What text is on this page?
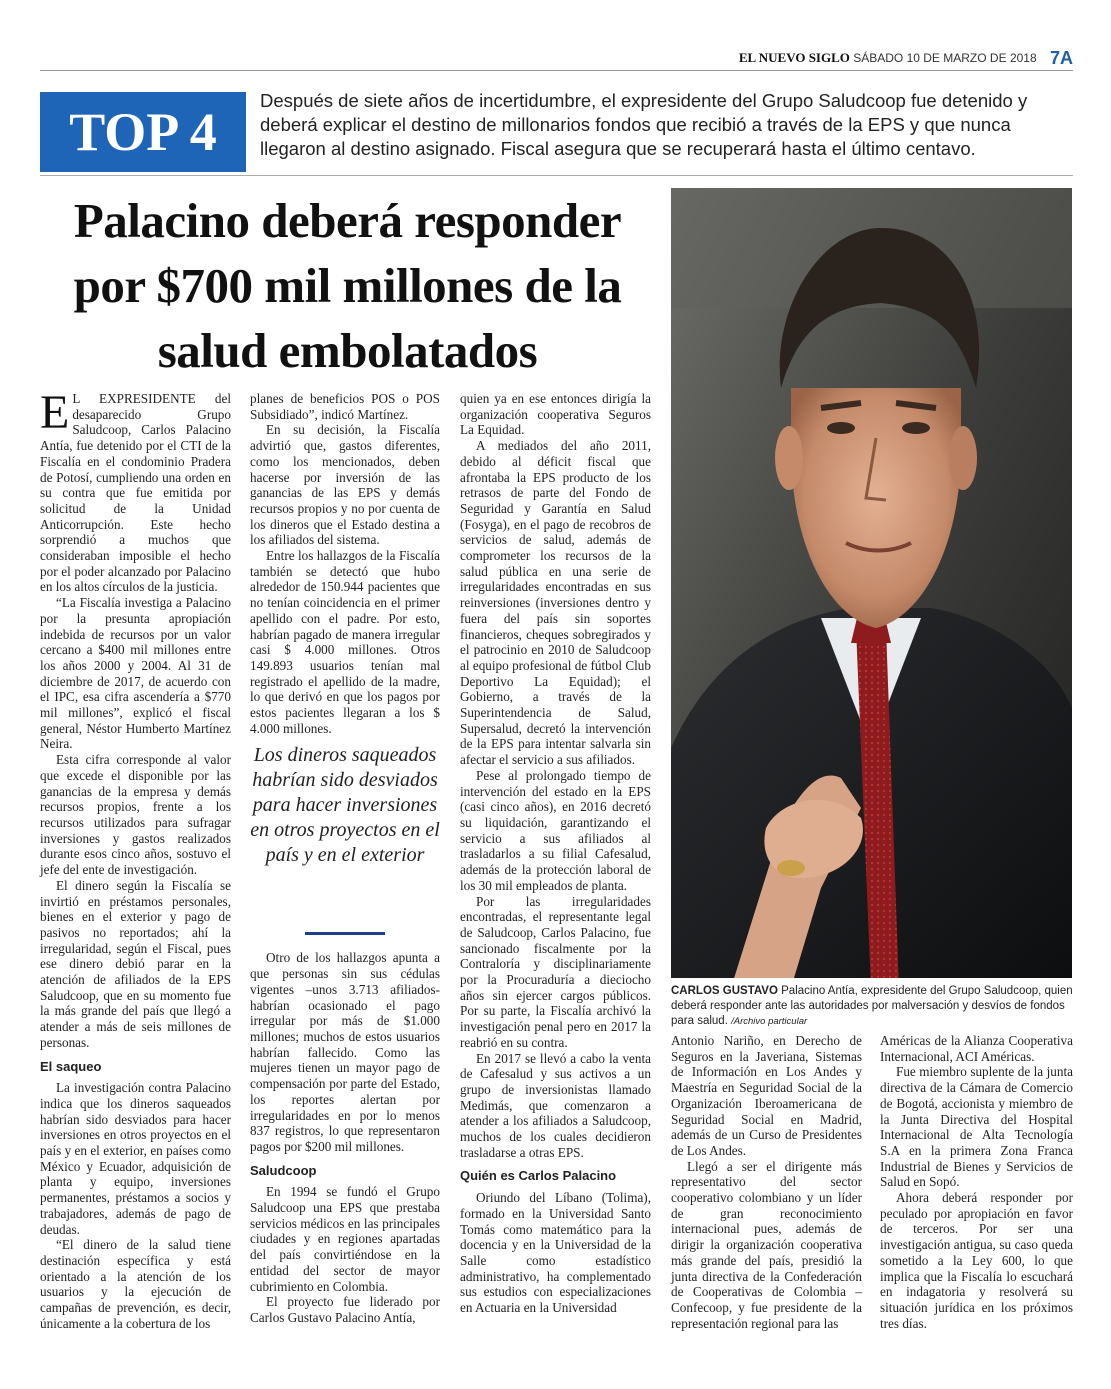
EL NUEVO SIGLO SÁBADO 10 DE MARZO DE 2018 7A
TOP 4
Después de siete años de incertidumbre, el expresidente del Grupo Saludcoop fue detenido y deberá explicar el destino de millonarios fondos que recibió a través de la EPS y que nunca llegaron al destino asignado. Fiscal asegura que se recuperará hasta el último centavo.
Palacino deberá responder por $700 mil millones de la salud embolatados
CARLOS GUSTAVO Palacino Antía, expresidente del Grupo Saludcoop, quien deberá responder ante las autoridades por malversación y desvíos de fondos para salud. /Archivo particular

E L EXPRESIDENTE del desaparecido Grupo Saludcoop, Carlos Palacino Antía, fue detenido por el CTI de la Fiscalía en el condominio Pradera de Potosí, cumpliendo una orden en su contra que fue emitida por solicitud de la Unidad Anticorrupción. Este hecho sorprendió a muchos que consideraban imposible el hecho por el poder alcanzado por Palacino en los altos círculos de la justicia.

“La Fiscalía investiga a Palacino por la presunta apropiación indebida de recursos por un valor cercano a $400 mil millones entre los años 2000 y 2004. Al 31 de diciembre de 2017, de acuerdo con el IPC, esa cifra ascendería a $770 mil millones”, explicó el fiscal general, Néstor Humberto Martínez Neira.

Esta cifra corresponde al valor que excede el disponible por las ganancias de la empresa y demás recursos propios, frente a los recursos utilizados para sufragar inversiones y gastos realizados durante esos cinco años, sostuvo el jefe del ente de investigación.

El dinero según la Fiscalía se invirtió en préstamos personales, bienes en el exterior y pago de pasivos no reportados; ahí la irregularidad, según el Fiscal, pues ese dinero debió parar en la atención de afiliados de la EPS Saludcoop, que en su momento fue la más grande del país que llegó a atender a más de seis millones de personas.

El saqueo

La investigación contra Palacino indica que los dineros saqueados habrían sido desviados para hacer inversiones en otros proyectos en el país y en el exterior, en países como México y Ecuador, adquisición de planta y equipo, inversiones permanentes, préstamos a socios y trabajadores, además de pago de deudas.

“El dinero de la salud tiene destinación específica y está orientado a la atención de los usuarios y la ejecución de campañas de prevención, es decir, únicamente a la cobertura de los

planes de beneficios POS o POS Subsidiado”, indicó Martínez.

En su decisión, la Fiscalía advirtió que, gastos diferentes, como los mencionados, deben hacerse por inversión de las ganancias de las EPS y demás recursos propios y no por cuenta de los dineros que el Estado destina a los afiliados del sistema.

Entre los hallazgos de la Fiscalía también se detectó que hubo alrededor de 150.944 pacientes que no tenían coincidencia en el primer apellido con el padre. Por esto, habrían pagado de manera irregular casi $ 4.000 millones. Otros 149.893 usuarios tenían mal registrado el apellido de la madre, lo que derivó en que los pagos por estos pacientes llegaran a los $ 4.000 millones.

Otro de los hallazgos apunta a que personas sin sus cédulas vigentes –unos 3.713 afiliados- habrían ocasionado el pago irregular por más de $1.000 millones; muchos de estos usuarios habrían fallecido. Como las mujeres tienen un mayor pago de compensación por parte del Estado, los reportes alertan por irregularidades en por lo menos 837 registros, lo que representaron pagos por $200 mil millones.

Saludcoop

En 1994 se fundó el Grupo Saludcoop una EPS que prestaba servicios médicos en las principales ciudades y en regiones apartadas del país convirtiéndose en la entidad del sector de mayor cubrimiento en Colombia.

El proyecto fue liderado por Carlos Gustavo Palacino Antía,

Los dineros saqueados habrían sido desviados para hacer inversiones en otros proyectos en el país y en el exterior

quien ya en ese entonces dirigía la organización cooperativa Seguros La Equidad.

A mediados del año 2011, debido al déficit fiscal que afrontaba la EPS producto de los retrasos de parte del Fondo de Seguridad y Garantía en Salud (Fosyga), en el pago de recobros de servicios de salud, además de comprometer los recursos de la salud pública en una serie de irregularidades encontradas en sus reinversiones (inversiones dentro y fuera del país sin soportes financieros, cheques sobregirados y el patrocinio en 2010 de Saludcoop al equipo profesional de fútbol Club Deportivo La Equidad); el Gobierno, a través de la Superintendencia de Salud, Supersalud, decretó la intervención de la EPS para intentar salvarla sin afectar el servicio a sus afiliados.

Pese al prolongado tiempo de intervención del estado en la EPS (casi cinco años), en 2016 decretó su liquidación, garantizando el servicio a sus afiliados al trasladarlos a su filial Cafesalud, además de la protección laboral de los 30 mil empleados de planta.

Por las irregularidades encontradas, el representante legal de Saludcoop, Carlos Palacino, fue sancionado fiscalmente por la Contraloría y disciplinariamente por la Procuraduría a dieciocho años sin ejercer cargos públicos. Por su parte, la Fiscalía archivó la investigación penal pero en 2017 la reabrió en su contra.

En 2017 se llevó a cabo la venta de Cafesalud y sus activos a un grupo de inversionistas llamado Medimás, que comenzaron a atender a los afiliados a Saludcoop, muchos de los cuales decidieron trasladarse a otras EPS.

Quién es Carlos Palacino

Oriundo del Líbano (Tolima), formado en la Universidad Santo Tomás como matemático para la docencia y en la Universidad de la Salle como estadístico administrativo, ha complementado sus estudios con especializaciones en Actuaria en la Universidad

Antonio Nariño, en Derecho de Seguros en la Javeriana, Sistemas de Información en Los Andes y Maestría en Seguridad Social de la Organización Iberoamericana de Seguridad Social en Madrid, además de un Curso de Presidentes de Los Andes.

Llegó a ser el dirigente más representativo del sector cooperativo colombiano y un líder de gran reconocimiento internacional pues, además de dirigir la organización cooperativa más grande del país, presidió la junta directiva de la Confederación de Cooperativas de Colombia – Confecoop, y fue presidente de la representación regional para las

Américas de la Alianza Cooperativa Internacional, ACI Américas.

Fue miembro suplente de la junta directiva de la Cámara de Comercio de Bogotá, accionista y miembro de la Junta Directiva del Hospital Internacional de Alta Tecnología S.A en la primera Zona Franca Industrial de Bienes y Servicios de Salud en Sopó.

Ahora deberá responder por peculado por apropiación en favor de terceros. Por ser una investigación antigua, su caso queda sometido a la Ley 600, lo que implica que la Fiscalía lo escuchará en indagatoria y resolverá su situación jurídica en los próximos tres días.
